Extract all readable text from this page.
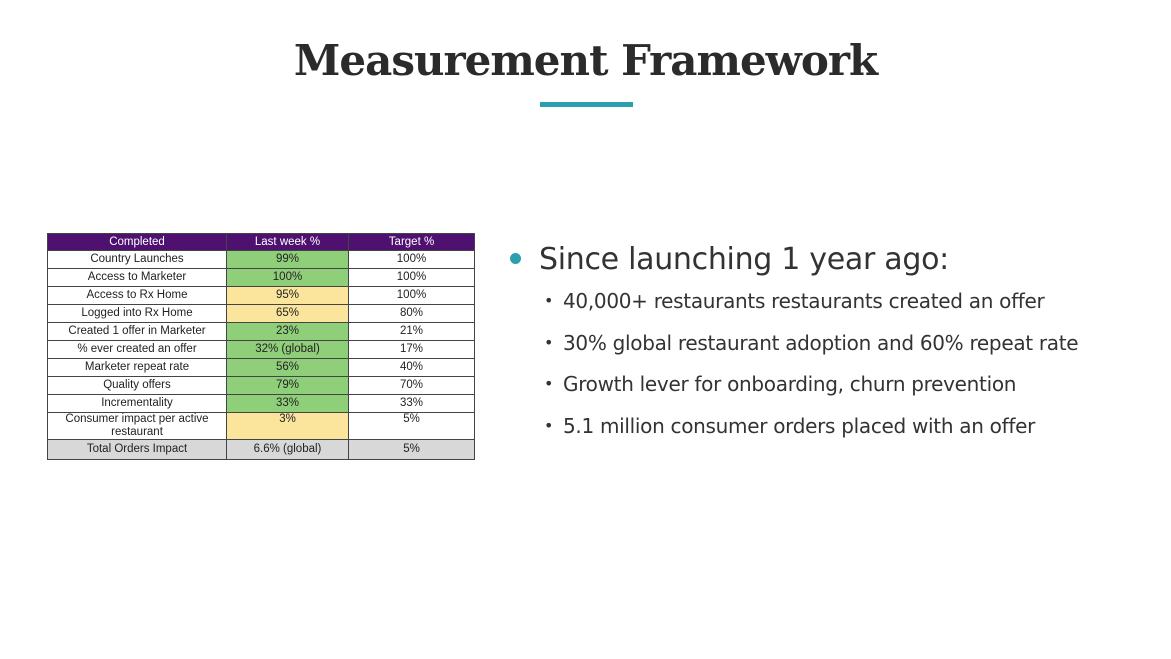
Measurement Framework
Completed	Last week %	Target %
Country Launches	99%	100%
Access to Marketer	100%	100%
Access to Rx Home	95%	100%
Logged into Rx Home	65%	80%
Created 1 offer in Marketer	23%	21%
% ever created an offer	32% (global)	17%
Marketer repeat rate	56%	40%
Quality offers	79%	70%
Incrementality	33%	33%
Consumer impact per active restaurant	3%	5%
Total Orders Impact	6.6% (global)	5%
Since launching 1 year ago:
• 40,000+ restaurants restaurants created an offer
• 30% global restaurant adoption and 60% repeat rate
• Growth lever for onboarding, churn prevention
• 5.1 million consumer orders placed with an offer
